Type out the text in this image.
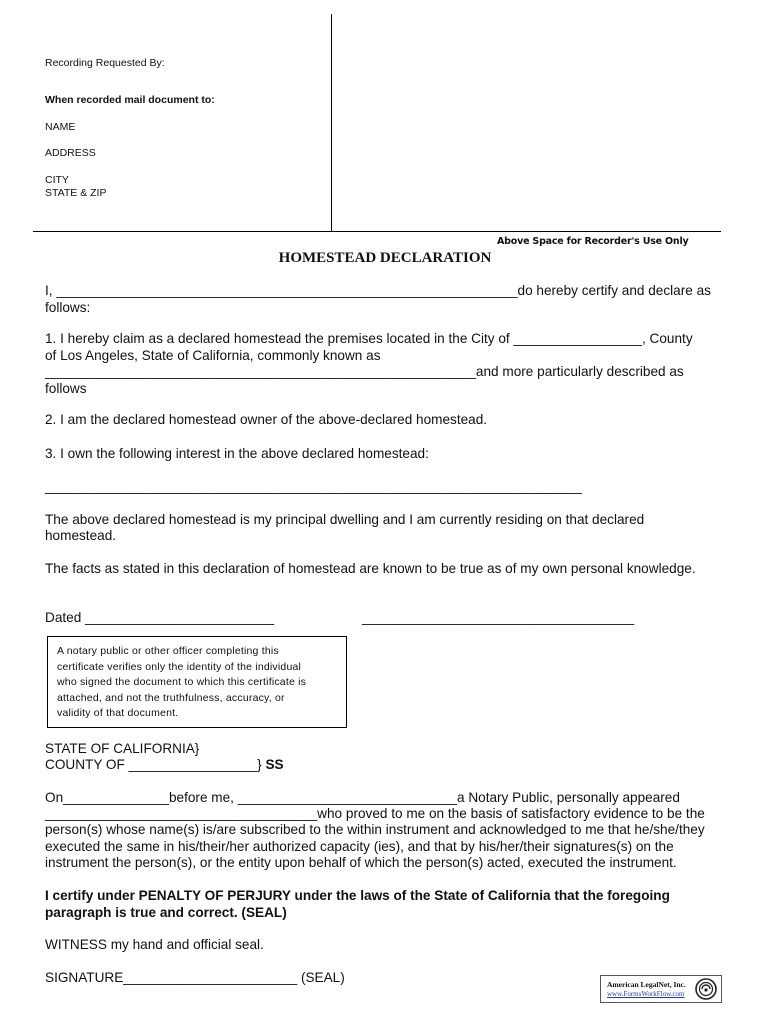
Recording Requested By:
When recorded mail document to:
NAME
ADDRESS
CITY
STATE & ZIP
Above Space for Recorder's Use Only
HOMESTEAD DECLARATION
I, _____________________________________________________________do hereby certify and declare as
follows:
1. I hereby claim as a declared homestead the premises located in the City of _________________, County
of Los Angeles, State of California, commonly known as
_________________________________________________________and more particularly described as
follows
2. I am the declared homestead owner of the above-declared homestead.
3. I own the following interest in the above declared homestead:
_______________________________________________________________________
The above declared homestead is my principal dwelling and I am currently residing on that declared
homestead.
The facts as stated in this declaration of homestead are known to be true as of my own personal knowledge.
Dated _________________________	____________________________________
A notary public or other officer completing this
certificate verifies only the identity of the individual
who signed the document to which this certificate is
attached, and not the truthfulness, accuracy, or
validity of that document.
STATE OF CALIFORNIA}
COUNTY OF _________________} SS
On______________before me, _____________________________a Notary Public, personally appeared
____________________________________who proved to me on the basis of satisfactory evidence to be the
person(s) whose name(s) is/are subscribed to the within instrument and acknowledged to me that he/she/they
executed the same in his/their/her authorized capacity (ies), and that by his/her/their signatures(s) on the
instrument the person(s), or the entity upon behalf of which the person(s) acted, executed the instrument.
I certify under PENALTY OF PERJURY under the laws of the State of California that the foregoing
paragraph is true and correct. (SEAL)
WITNESS my hand and official seal.
SIGNATURE_______________________ (SEAL)	American LegalNet, Inc.
www.FormsWorkFlow.com
